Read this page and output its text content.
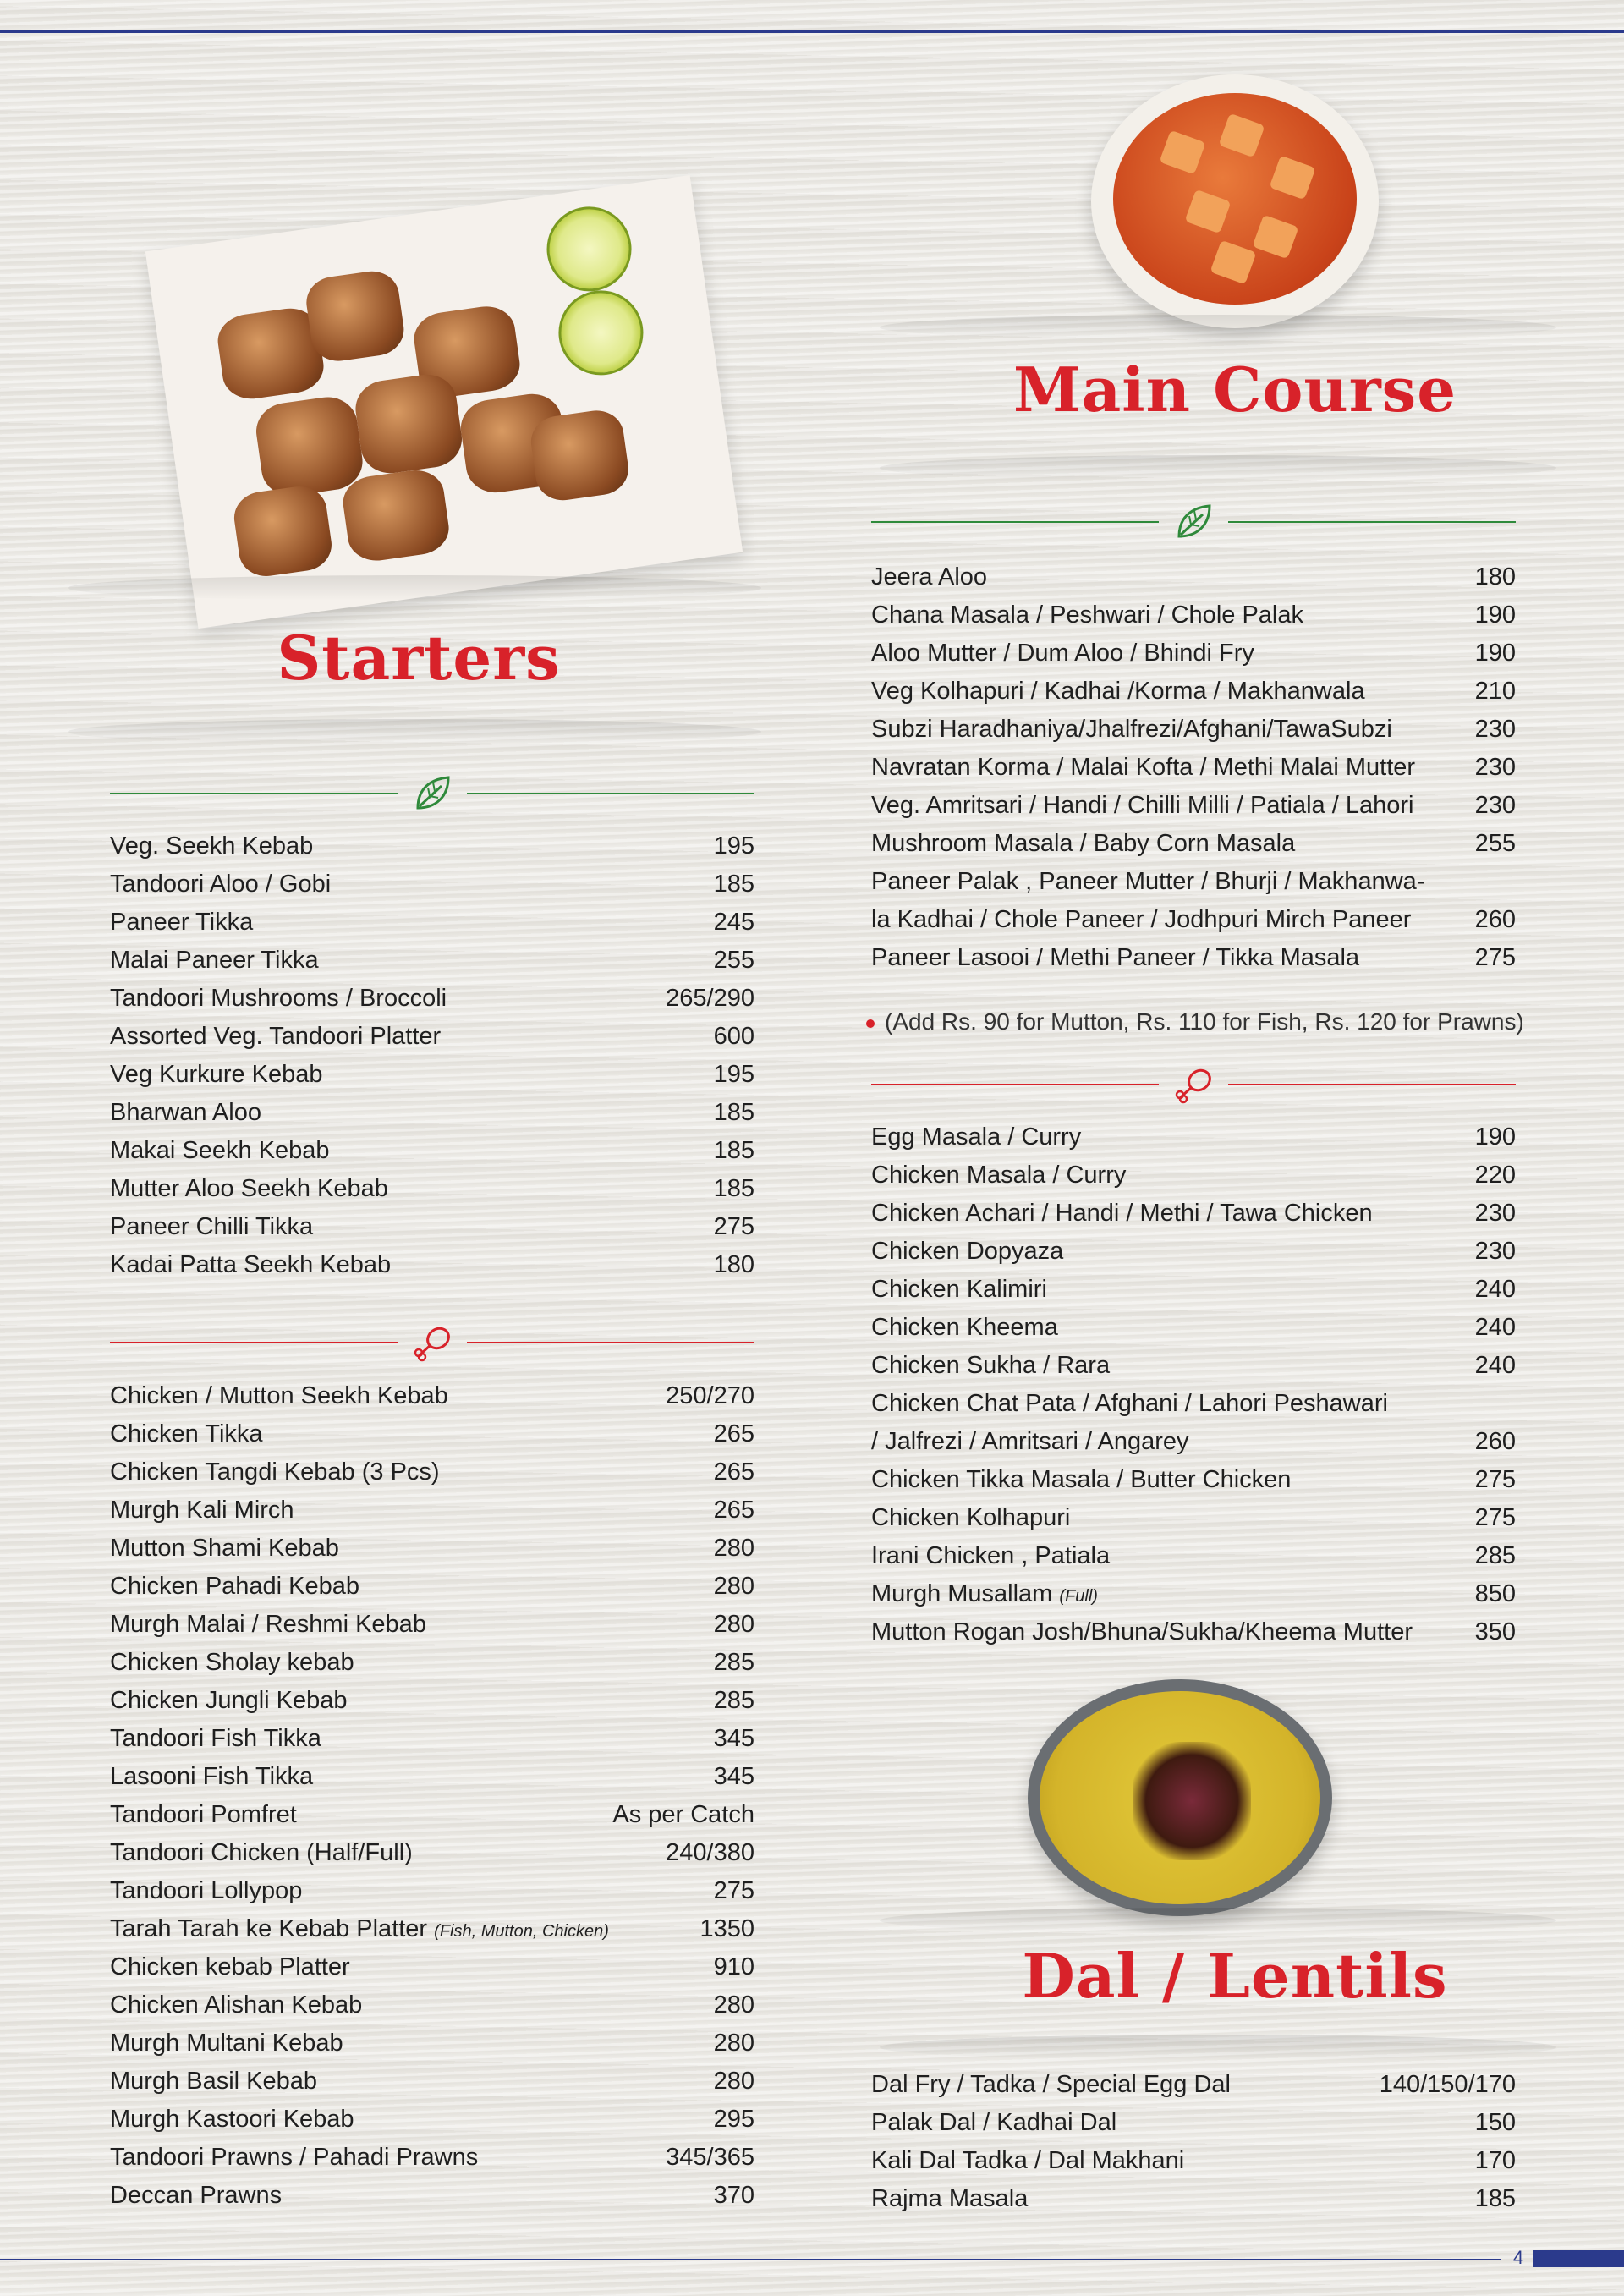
Starters
Main Course
Dal / Lentils
Veg. Seekh Kebab	195
Tandoori Aloo / Gobi	185
Paneer Tikka	245
Malai Paneer Tikka	255
Tandoori Mushrooms / Broccoli	265/290
Assorted Veg. Tandoori Platter	600
Veg Kurkure Kebab	195
Bharwan Aloo	185
Makai Seekh Kebab	185
Mutter Aloo Seekh Kebab	185
Paneer Chilli Tikka	275
Kadai Patta Seekh Kebab	180
Chicken / Mutton Seekh Kebab	250/270
Chicken Tikka	265
Chicken Tangdi Kebab (3 Pcs)	265
Murgh Kali Mirch	265
Mutton Shami Kebab	280
Chicken Pahadi Kebab	280
Murgh Malai / Reshmi Kebab	280
Chicken Sholay kebab	285
Chicken Jungli Kebab	285
Tandoori Fish Tikka	345
Lasooni Fish Tikka	345
Tandoori Pomfret	As per Catch
Tandoori Chicken (Half/Full)	240/380
Tandoori Lollypop	275
Tarah Tarah ke Kebab Platter (Fish, Mutton, Chicken)	1350
Chicken kebab Platter	910
Chicken Alishan Kebab	280
Murgh Multani Kebab	280
Murgh Basil Kebab	280
Murgh Kastoori Kebab	295
Tandoori Prawns / Pahadi Prawns	345/365
Deccan Prawns	370
Jeera Aloo	180
Chana Masala / Peshwari / Chole Palak	190
Aloo Mutter / Dum Aloo / Bhindi Fry	190
Veg Kolhapuri / Kadhai /Korma / Makhanwala	210
Subzi Haradhaniya/Jhalfrezi/Afghani/TawaSubzi	230
Navratan Korma / Malai Kofta / Methi Malai Mutter 230
Veg. Amritsari / Handi / Chilli Milli / Patiala / Lahori 230
Mushroom Masala / Baby Corn Masala	255
Paneer Palak , Paneer Mutter / Bhurji / Makhanwa-
la Kadhai / Chole Paneer / Jodhpuri Mirch Paneer	260
Paneer Lasooi / Methi Paneer / Tikka Masala	275
(Add Rs. 90 for Mutton, Rs. 110 for Fish, Rs. 120 for Prawns)
Egg Masala / Curry	190
Chicken Masala / Curry	220
Chicken Achari / Handi / Methi / Tawa Chicken	230
Chicken Dopyaza	230
Chicken Kalimiri	240
Chicken Kheema	240
Chicken Sukha / Rara	240
Chicken Chat Pata / Afghani / Lahori Peshawari
/ Jalfrezi / Amritsari / Angarey	260
Chicken Tikka Masala / Butter Chicken	275
Chicken Kolhapuri	275
Irani Chicken , Patiala	285
Murgh Musallam (Full)	850
Mutton Rogan Josh/Bhuna/Sukha/Kheema Mutter	350
Dal Fry / Tadka / Special Egg Dal	140/150/170
Palak Dal / Kadhai Dal	150
Kali Dal Tadka / Dal Makhani	170
Rajma Masala	185
4
